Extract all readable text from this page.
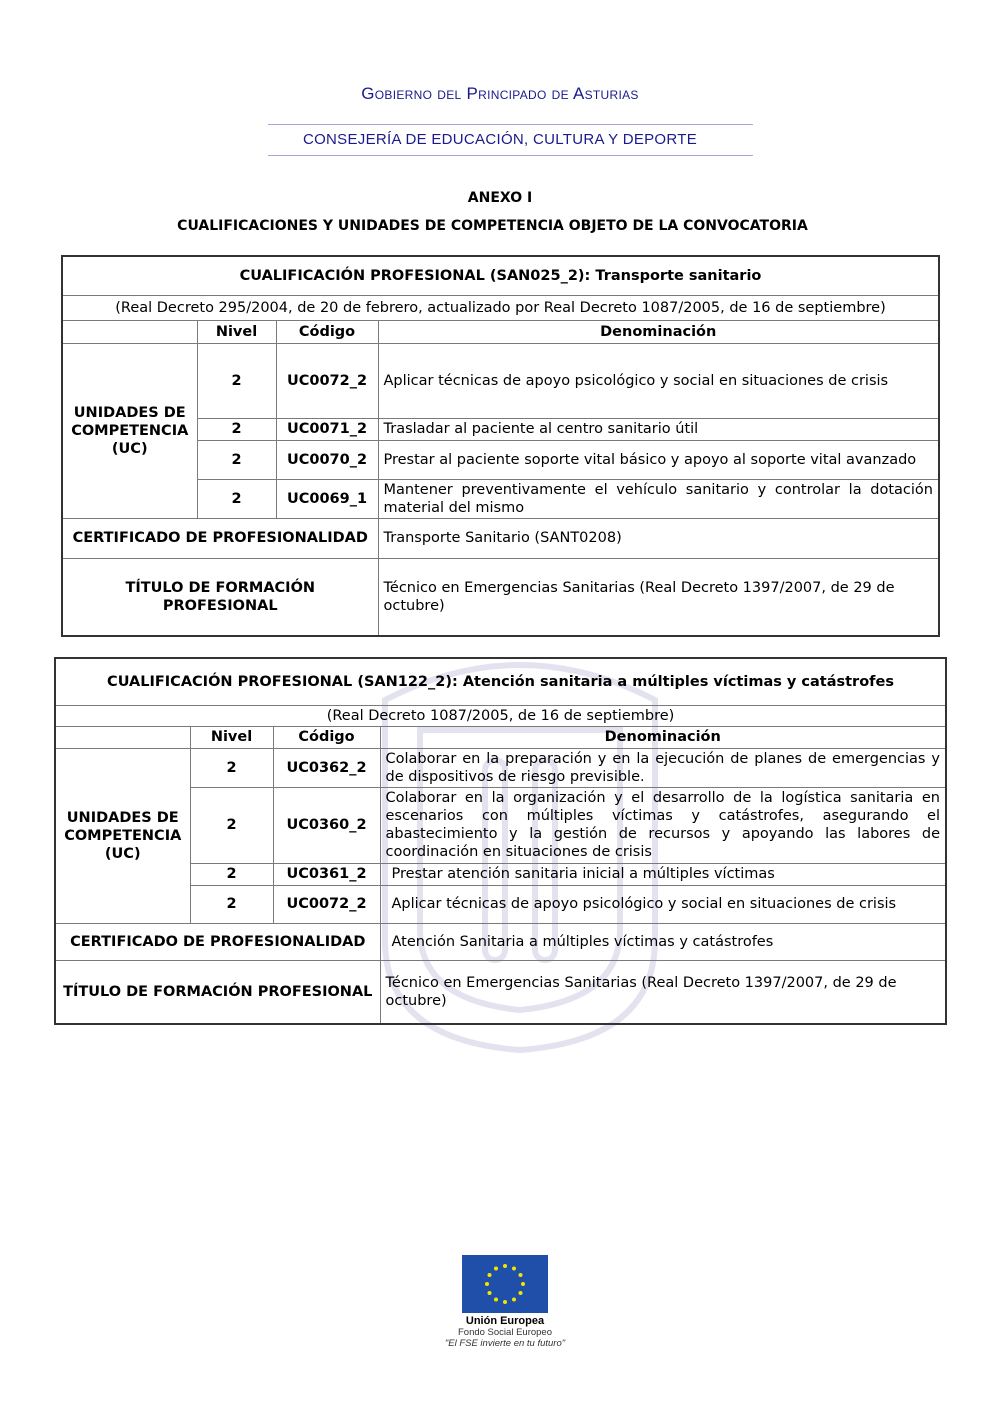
Gobierno del Principado de Asturias
CONSEJERÍA DE EDUCACIÓN, CULTURA Y DEPORTE
ANEXO I
CUALIFICACIONES Y UNIDADES DE COMPETENCIA OBJETO DE LA CONVOCATORIA
CUALIFICACIÓN PROFESIONAL (SAN025_2): Transporte sanitario			
(Real Decreto 295/2004, de 20 de febrero, actualizado por Real Decreto 1087/2005, de 16 de septiembre)			
	Nivel	Código	Denominación
UNIDADES DE COMPETENCIA (UC)	2	UC0072_2	Aplicar técnicas de apoyo psicológico y social en situaciones de crisis
	2	UC0071_2	Trasladar al paciente al centro sanitario útil
	2	UC0070_2	Prestar al paciente soporte vital básico y apoyo al soporte vital avanzado
	2	UC0069_1	Mantener preventivamente el vehículo sanitario y controlar la dotación material del mismo
CERTIFICADO DE PROFESIONALIDAD			Transporte Sanitario (SANT0208)
TÍTULO DE FORMACIÓN PROFESIONAL			Técnico en Emergencias Sanitarias (Real Decreto 1397/2007, de 29 de octubre)
CUALIFICACIÓN PROFESIONAL (SAN122_2): Atención sanitaria a múltiples víctimas y catástrofes			
(Real Decreto 1087/2005, de 16 de septiembre)			
	Nivel	Código	Denominación
UNIDADES DE COMPETENCIA (UC)	2	UC0362_2	Colaborar en la preparación y en la ejecución de planes de emergencias y de dispositivos de riesgo previsible.
	2	UC0360_2	Colaborar en la organización y el desarrollo de la logística sanitaria en escenarios con múltiples víctimas y catástrofes, asegurando el abastecimiento y la gestión de recursos y apoyando las labores de coordinación en situaciones de crisis
	2	UC0361_2	Prestar atención sanitaria inicial a múltiples víctimas
	2	UC0072_2	Aplicar técnicas de apoyo psicológico y social en situaciones de crisis
CERTIFICADO DE PROFESIONALIDAD			Atención Sanitaria a múltiples víctimas y catástrofes
TÍTULO DE FORMACIÓN PROFESIONAL			Técnico en Emergencias Sanitarias (Real Decreto 1397/2007, de 29 de octubre)
Unión Europea
Fondo Social Europeo
"El FSE invierte en tu futuro"
